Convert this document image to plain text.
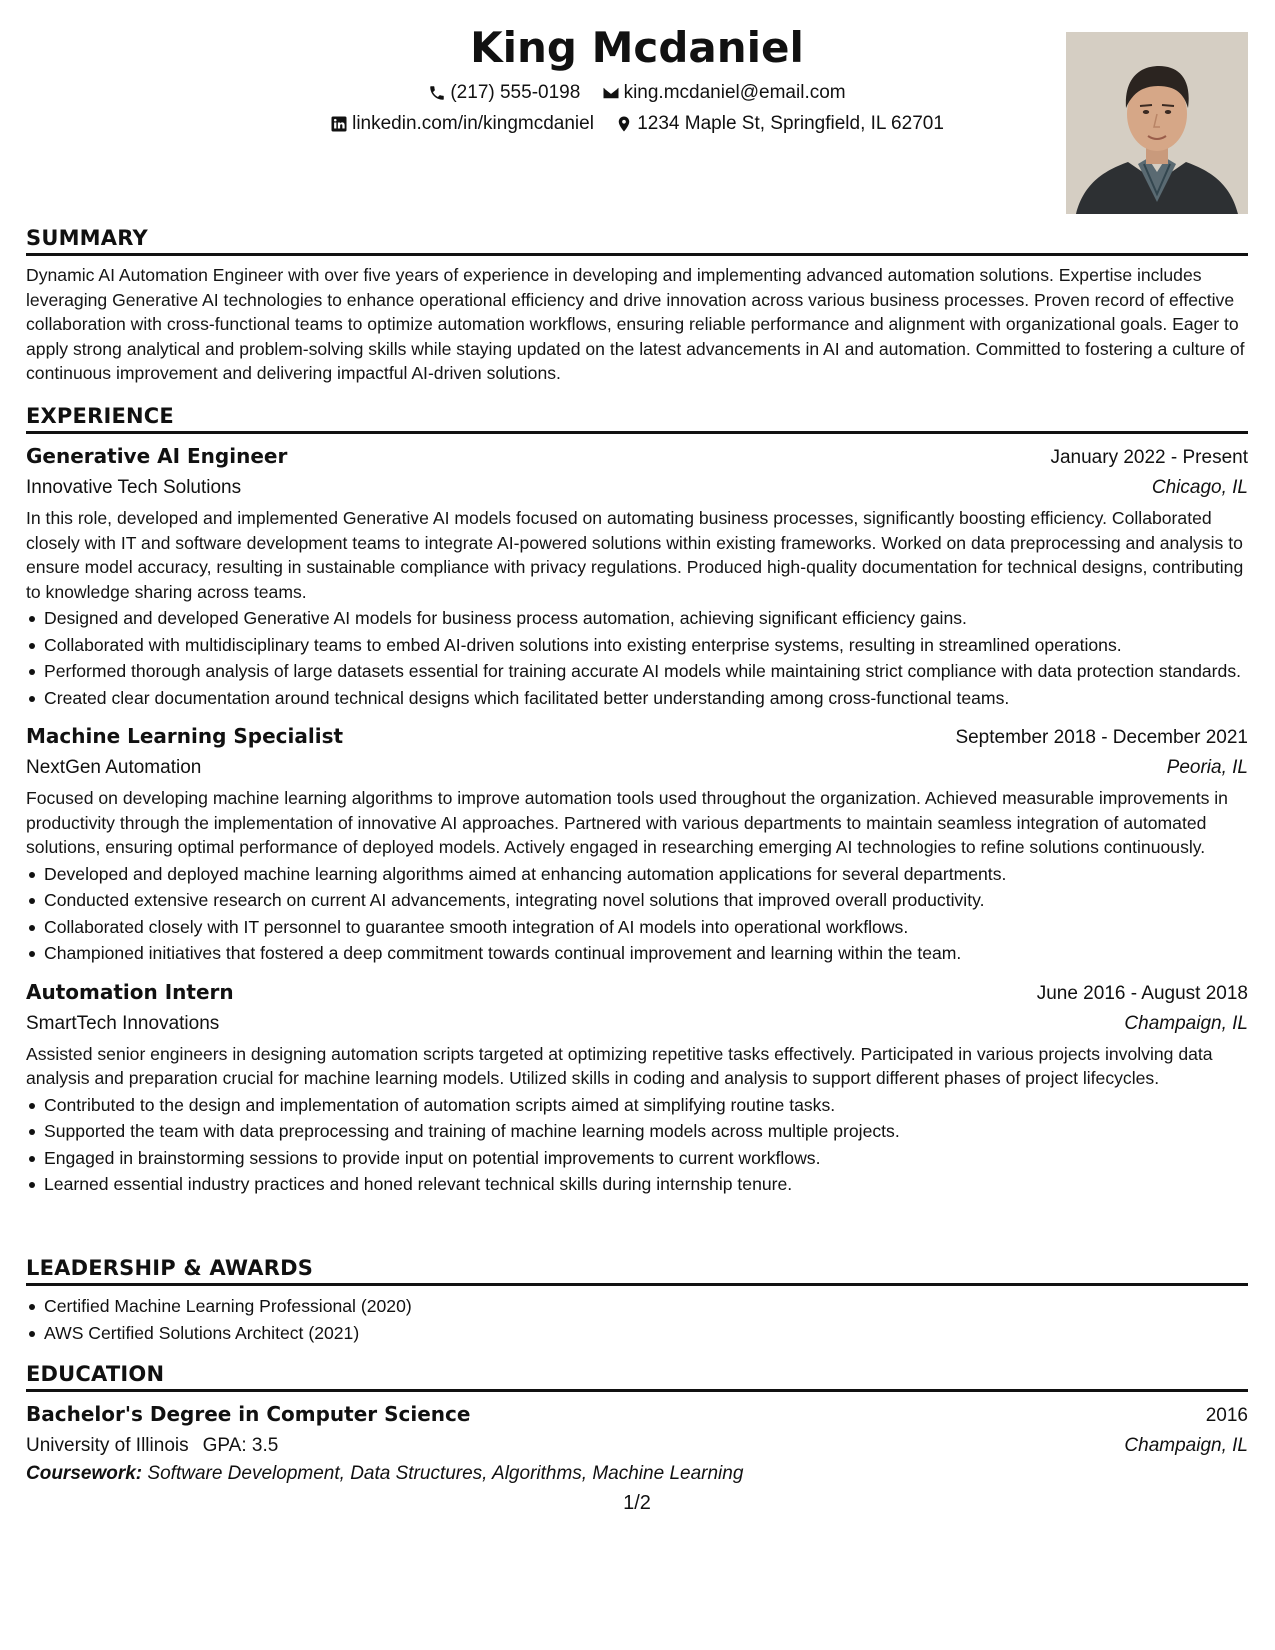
King Mcdaniel
(217) 555-0198
king.mcdaniel@email.com
linkedin.com/in/kingmcdaniel
1234 Maple St, Springfield, IL 62701
SUMMARY

Dynamic AI Automation Engineer with over five years of experience in developing and implementing advanced automation solutions. Expertise includes leveraging Generative AI technologies to enhance operational efficiency and drive innovation across various business processes. Proven record of effective collaboration with cross-functional teams to optimize automation workflows, ensuring reliable performance and alignment with organizational goals. Eager to apply strong analytical and problem-solving skills while staying updated on the latest advancements in AI and automation. Committed to fostering a culture of continuous improvement and delivering impactful AI-driven solutions.

EXPERIENCE
Generative AI Engineer	January 2022 - Present
Innovative Tech Solutions	Chicago, IL

In this role, developed and implemented Generative AI models focused on automating business processes, significantly boosting efficiency. Collaborated closely with IT and software development teams to integrate AI-powered solutions within existing frameworks. Worked on data preprocessing and analysis to ensure model accuracy, resulting in sustainable compliance with privacy regulations. Produced high-quality documentation for technical designs, contributing to knowledge sharing across teams.

Designed and developed Generative AI models for business process automation, achieving significant efficiency gains.
Collaborated with multidisciplinary teams to embed AI-driven solutions into existing enterprise systems, resulting in streamlined operations.
Performed thorough analysis of large datasets essential for training accurate AI models while maintaining strict compliance with data protection standards.
Created clear documentation around technical designs which facilitated better understanding among cross-functional teams.
Machine Learning Specialist	September 2018 - December 2021
NextGen Automation	Peoria, IL

Focused on developing machine learning algorithms to improve automation tools used throughout the organization. Achieved measurable improvements in productivity through the implementation of innovative AI approaches. Partnered with various departments to maintain seamless integration of automated solutions, ensuring optimal performance of deployed models. Actively engaged in researching emerging AI technologies to refine solutions continuously.

Developed and deployed machine learning algorithms aimed at enhancing automation applications for several departments.
Conducted extensive research on current AI advancements, integrating novel solutions that improved overall productivity.
Collaborated closely with IT personnel to guarantee smooth integration of AI models into operational workflows.
Championed initiatives that fostered a deep commitment towards continual improvement and learning within the team.
Automation Intern	June 2016 - August 2018
SmartTech Innovations	Champaign, IL

Assisted senior engineers in designing automation scripts targeted at optimizing repetitive tasks effectively. Participated in various projects involving data analysis and preparation crucial for machine learning models. Utilized skills in coding and analysis to support different phases of project lifecycles.

Contributed to the design and implementation of automation scripts aimed at simplifying routine tasks.
Supported the team with data preprocessing and training of machine learning models across multiple projects.
Engaged in brainstorming sessions to provide input on potential improvements to current workflows.
Learned essential industry practices and honed relevant technical skills during internship tenure.
LEADERSHIP & AWARDS
Certified Machine Learning Professional (2020)
AWS Certified Solutions Architect (2021)
EDUCATION
Bachelor's Degree in Computer Science	2016
University of Illinois GPA: 3.5	Champaign, IL
Coursework: Software Development, Data Structures, Algorithms, Machine Learning
1/2
